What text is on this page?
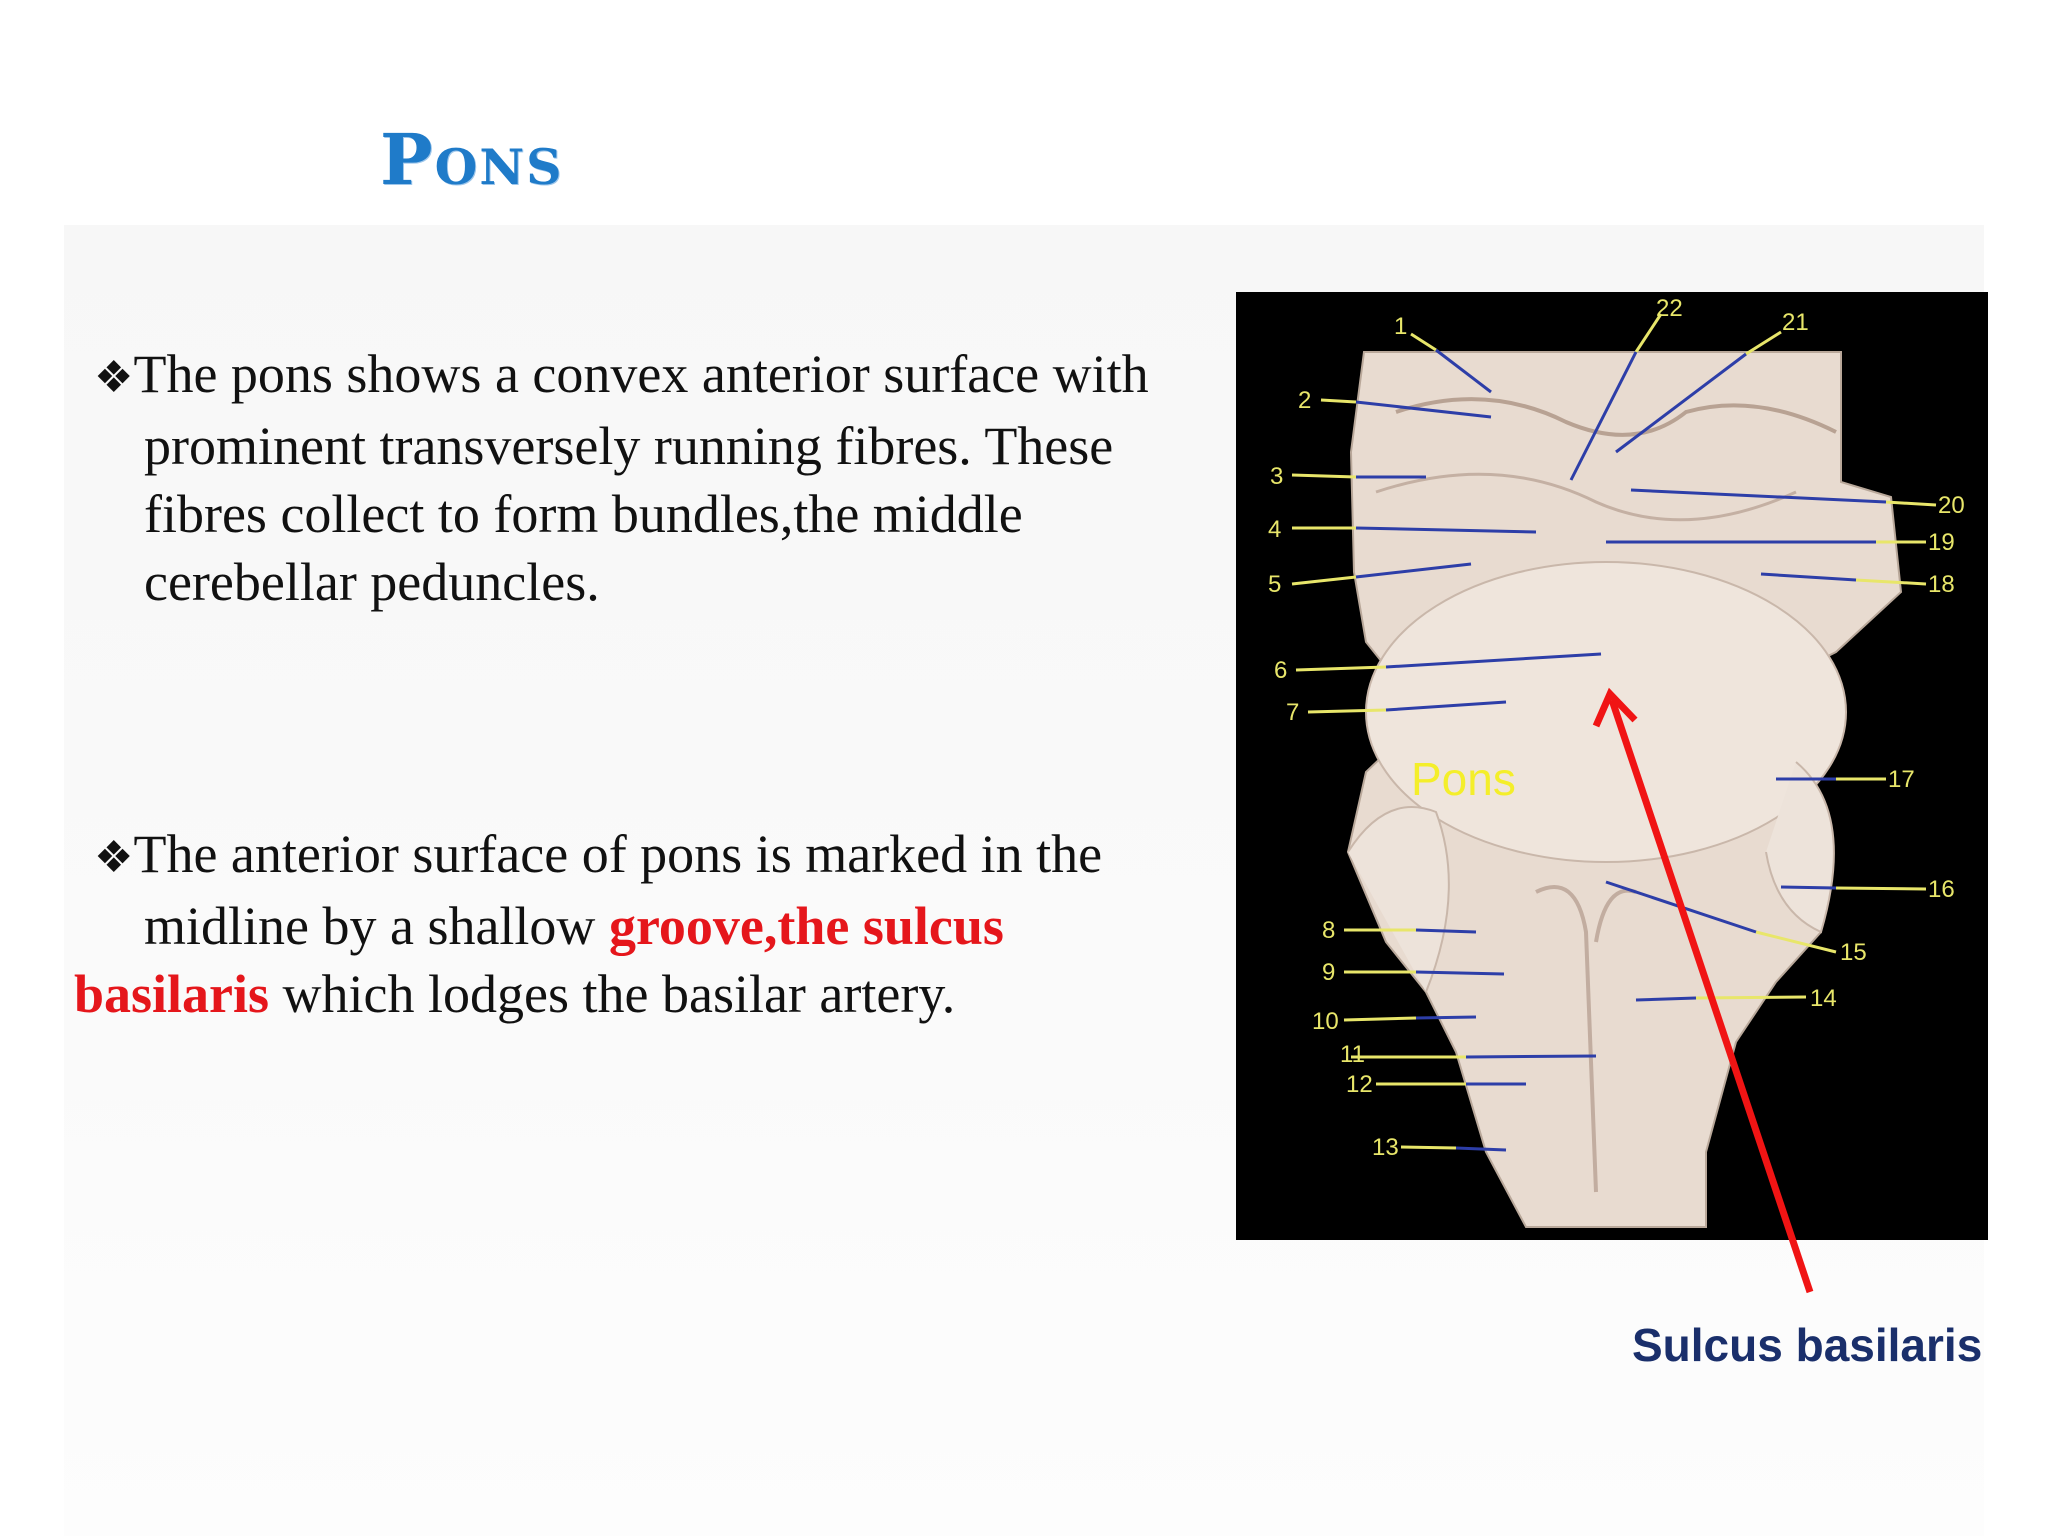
Pons
❖The pons shows a convex anterior surface with prominent transversely running fibres. These fibres collect to form bundles,the middle cerebellar peduncles.
❖The anterior surface of pons is marked in the midline by a shallow groove,the sulcus
basilaris which lodges the basilar artery.
1
2
3
4
5
6
7
8
9
10
11
12
13
14
15
16
17
18
19
20
21
22
Pons
Sulcus basilaris
